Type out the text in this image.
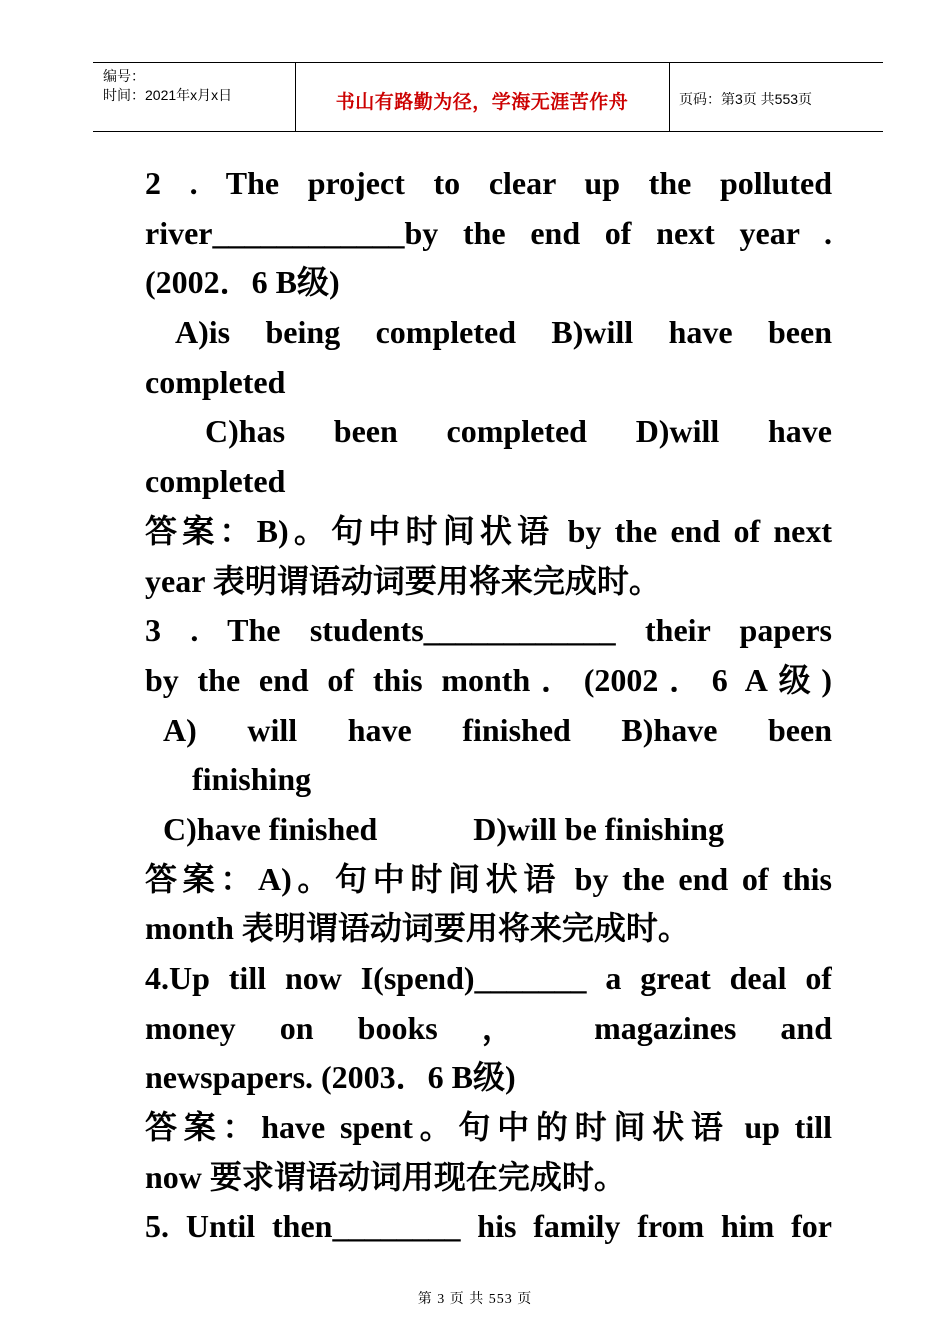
编号：
时间：2021年x月x日	书山有路勤为径，学海无涯苦作舟	页码：第3页 共553页
2 . The project to clear up the polluted
river____________by the end of next year .
(2002．6 B级)
A)is being completed B)will have been
completed
C)has been completed D)will have
completed
答案：B)。句中时间状语 by the end of next
year 表明谓语动词要用将来完成时。
3 . The students____________ their papers
by the end of this month．(2002．6 A级)
A) will have finished B)have been
finishing
C)have finished            D)will be finishing
答案：A)。句中时间状语 by the end of this
month 表明谓语动词要用将来完成时。
4.Up till now I(spend)_______ a great deal of
money on books ， magazines and
newspapers. (2003．6 B级)
答案：have spent。句中的时间状语 up till
now 要求谓语动词用现在完成时。
5. Until then________ his family from him for
第 3 页 共 553 页
